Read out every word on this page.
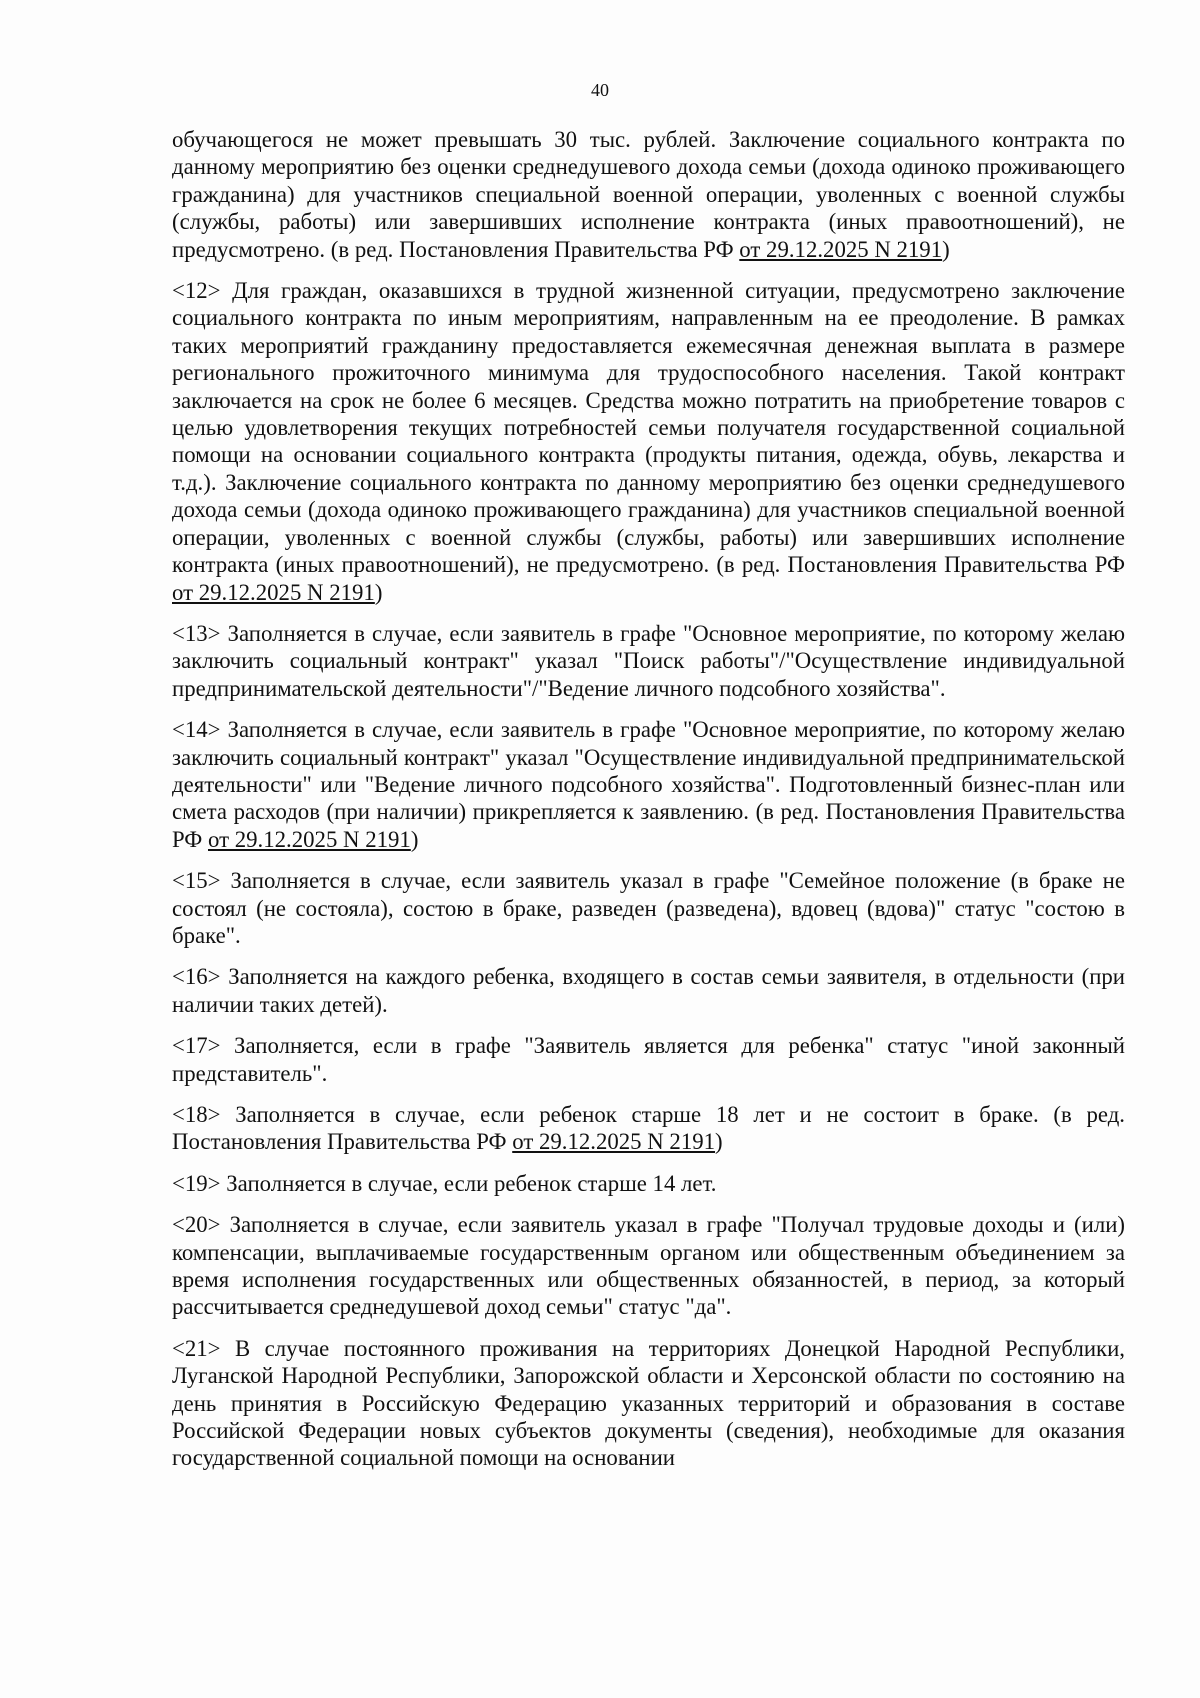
40

обучающегося не может превышать 30 тыс. рублей. Заключение социального контракта по данному мероприятию без оценки среднедушевого дохода семьи (дохода одиноко проживающего гражданина) для участников специальной военной операции, уволенных с военной службы (службы, работы) или завершивших исполнение контракта (иных правоотношений), не предусмотрено. (в ред. Постановления Правительства РФ от 29.12.2025 N 2191)

<12> Для граждан, оказавшихся в трудной жизненной ситуации, предусмотрено заключение социального контракта по иным мероприятиям, направленным на ее преодоление. В рамках таких мероприятий гражданину предоставляется ежемесячная денежная выплата в размере регионального прожиточного минимума для трудоспособного населения. Такой контракт заключается на срок не более 6 месяцев. Средства можно потратить на приобретение товаров с целью удовлетворения текущих потребностей семьи получателя государственной социальной помощи на основании социального контракта (продукты питания, одежда, обувь, лекарства и т.д.). Заключение социального контракта по данному мероприятию без оценки среднедушевого дохода семьи (дохода одиноко проживающего гражданина) для участников специальной военной операции, уволенных с военной службы (службы, работы) или завершивших исполнение контракта (иных правоотношений), не предусмотрено. (в ред. Постановления Правительства РФ от 29.12.2025 N 2191)

<13> Заполняется в случае, если заявитель в графе "Основное мероприятие, по которому желаю заключить социальный контракт" указал "Поиск работы"/"Осуществление индивидуальной предпринимательской деятельности"/"Ведение личного подсобного хозяйства".

<14> Заполняется в случае, если заявитель в графе "Основное мероприятие, по которому желаю заключить социальный контракт" указал "Осуществление индивидуальной предпринимательской деятельности" или "Ведение личного подсобного хозяйства". Подготовленный бизнес-план или смета расходов (при наличии) прикрепляется к заявлению. (в ред. Постановления Правительства РФ от 29.12.2025 N 2191)

<15> Заполняется в случае, если заявитель указал в графе "Семейное положение (в браке не состоял (не состояла), состою в браке, разведен (разведена), вдовец (вдова)" статус "состою в браке".

<16> Заполняется на каждого ребенка, входящего в состав семьи заявителя, в отдельности (при наличии таких детей).

<17> Заполняется, если в графе "Заявитель является для ребенка" статус "иной законный представитель".

<18> Заполняется в случае, если ребенок старше 18 лет и не состоит в браке. (в ред. Постановления Правительства РФ от 29.12.2025 N 2191)

<19> Заполняется в случае, если ребенок старше 14 лет.

<20> Заполняется в случае, если заявитель указал в графе "Получал трудовые доходы и (или) компенсации, выплачиваемые государственным органом или общественным объединением за время исполнения государственных или общественных обязанностей, в период, за который рассчитывается среднедушевой доход семьи" статус "да".

<21> В случае постоянного проживания на территориях Донецкой Народной Республики, Луганской Народной Республики, Запорожской области и Херсонской области по состоянию на день принятия в Российскую Федерацию указанных территорий и образования в составе Российской Федерации новых субъектов документы (сведения), необходимые для оказания государственной социальной помощи на основании
